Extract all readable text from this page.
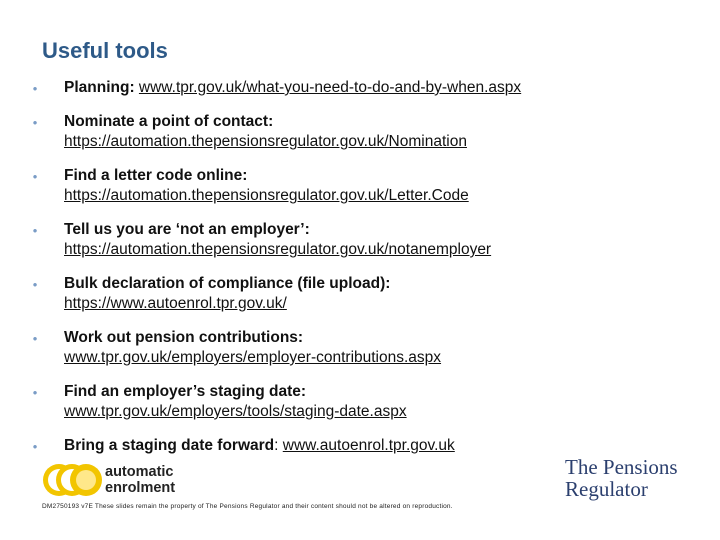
Useful tools
• Planning: www.tpr.gov.uk/what-you-need-to-do-and-by-when.aspx
• Nominate a point of contact:
https://automation.thepensionsregulator.gov.uk/Nomination
• Find a letter code online:
https://automation.thepensionsregulator.gov.uk/Letter.Code
• Tell us you are ‘not an employer’:
https://automation.thepensionsregulator.gov.uk/notanemployer
• Bulk declaration of compliance (file upload):
https://www.autoenrol.tpr.gov.uk/
• Work out pension contributions:
www.tpr.gov.uk/employers/employer-contributions.aspx
• Find an employer’s staging date:
www.tpr.gov.uk/employers/tools/staging-date.aspx
• Bring a staging date forward: www.autoenrol.tpr.gov.uk
automatic
enrolment
The Pensions
Regulator
DM2750193 v7E These slides remain the property of The Pensions Regulator and their content should not be altered on reproduction.
